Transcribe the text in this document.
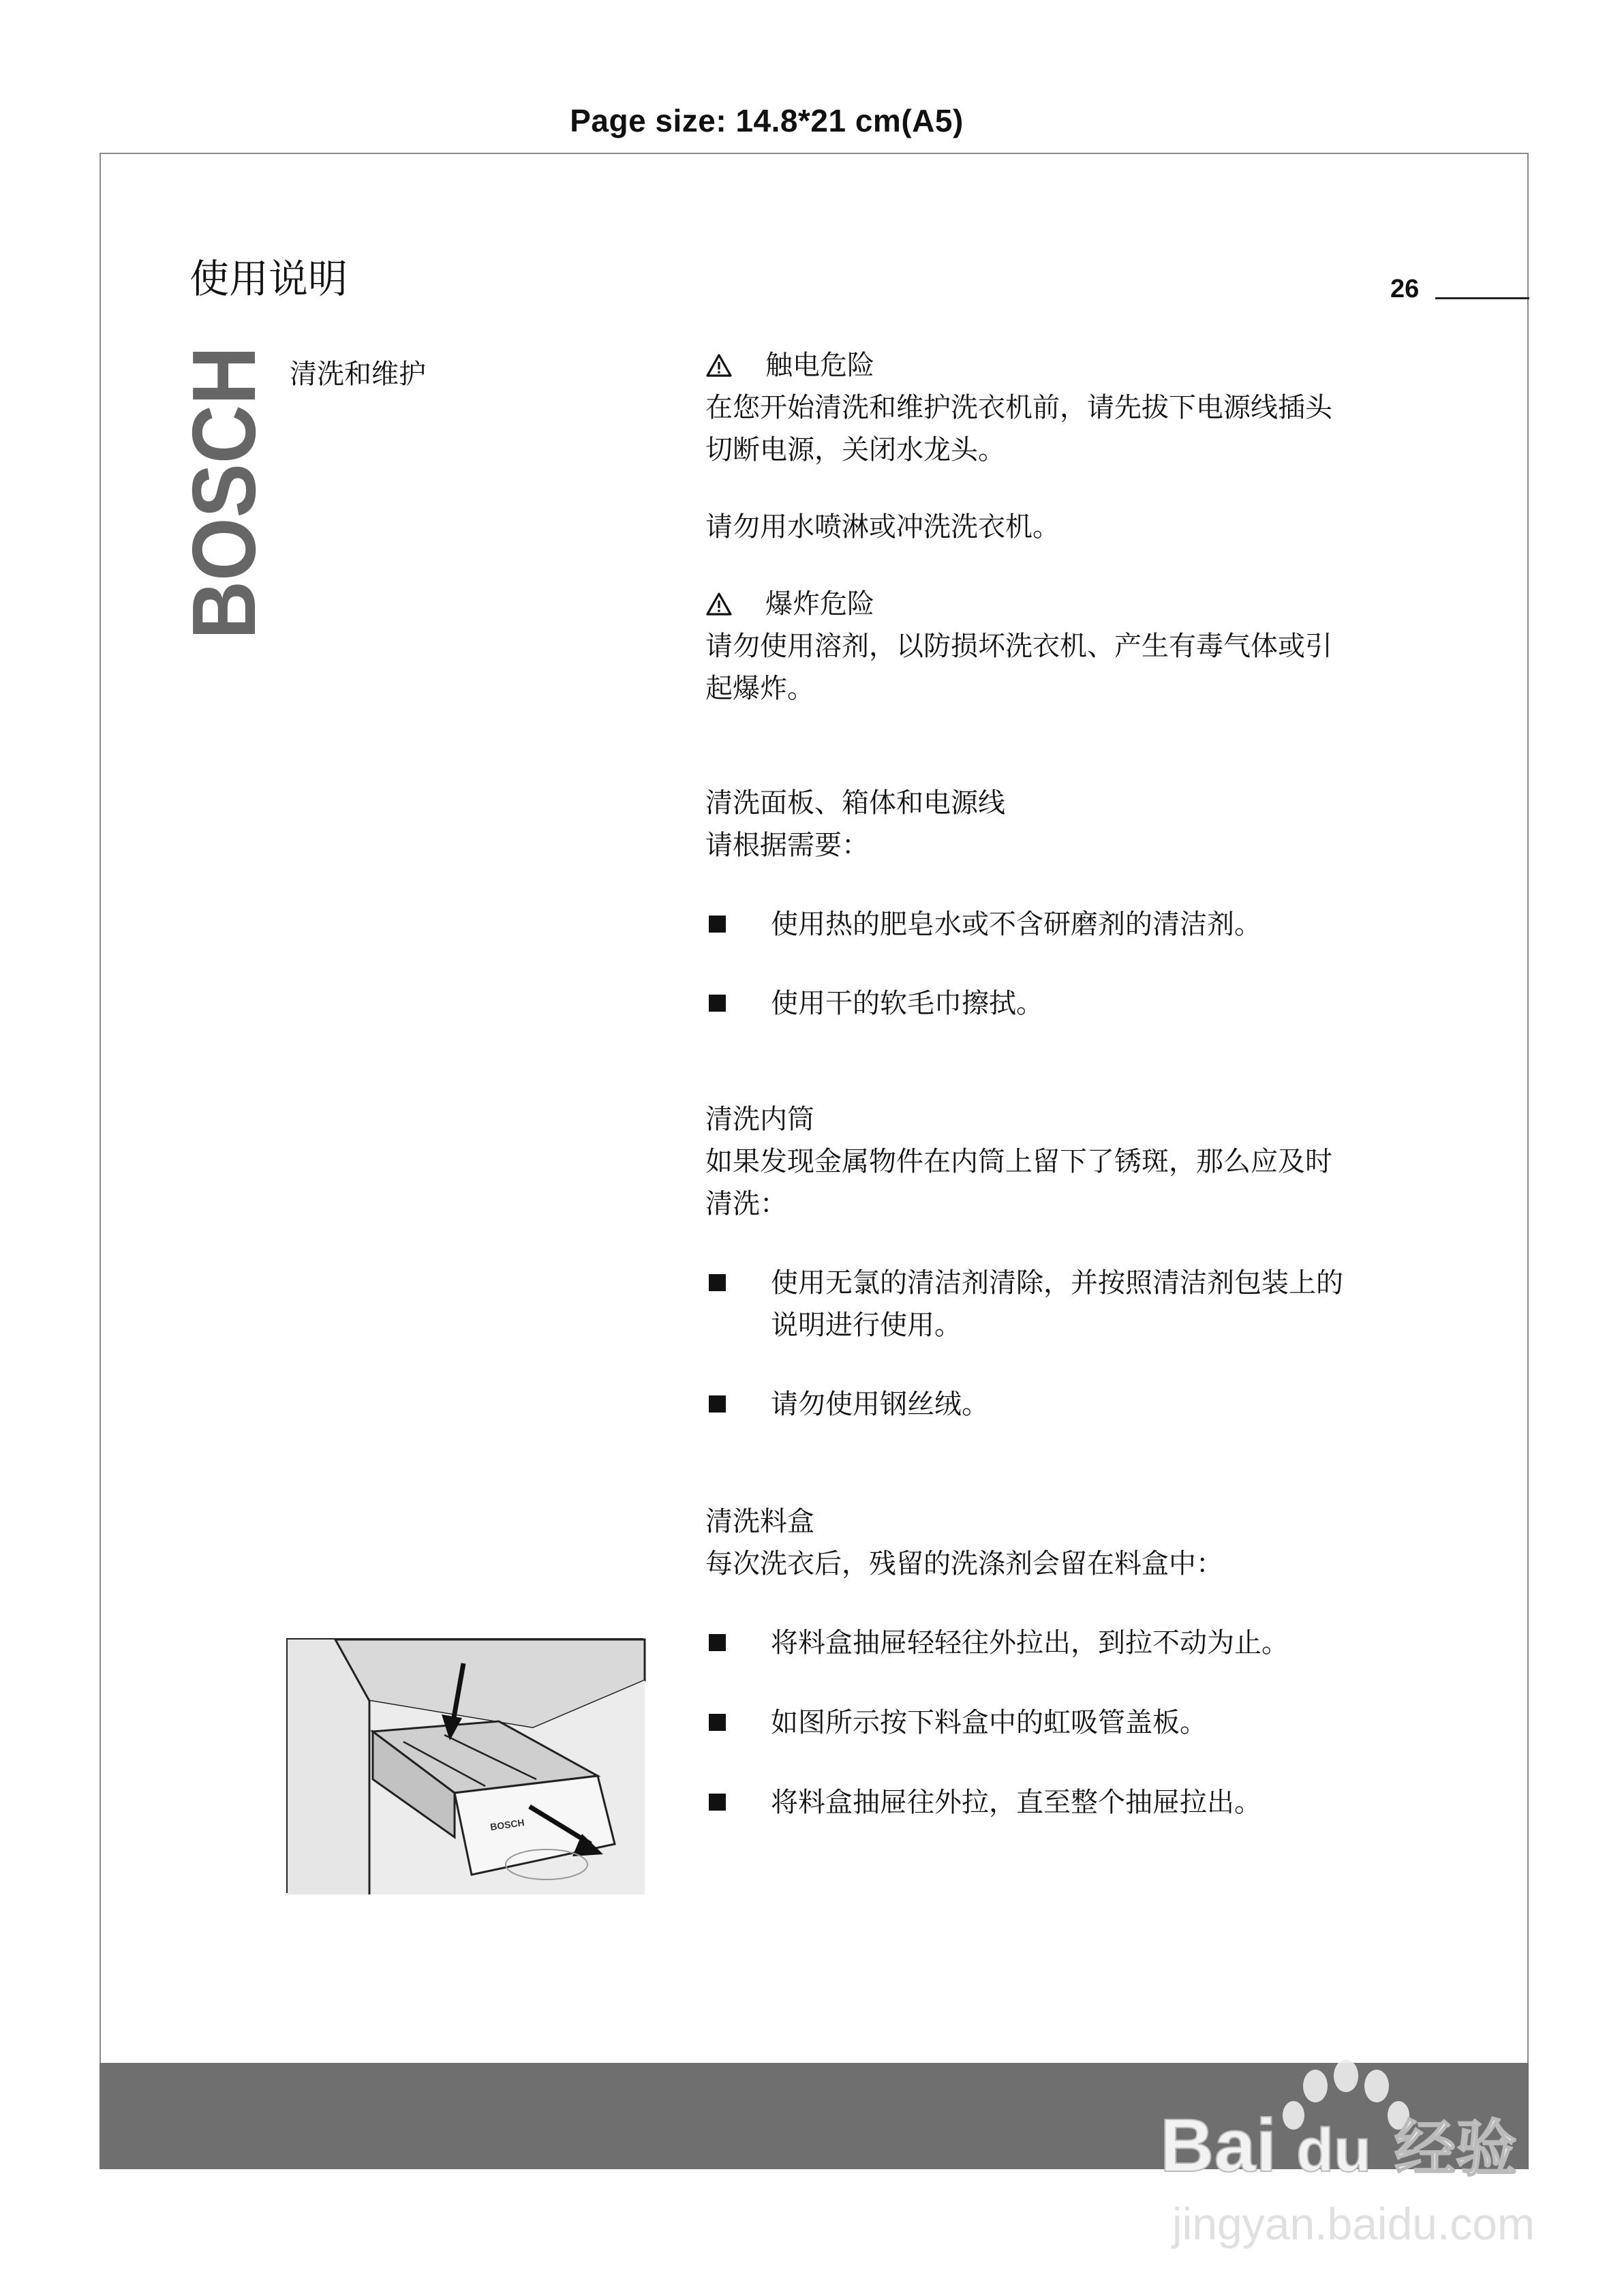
Page size: 14.8*21 cm(A5)
使用说明	26
BOSCH 清洗和维护	触电危险
在您开始清洗和维护洗衣机前，请先拔下电源线插头
切断电源，关闭水龙头。
请勿用水喷淋或冲洗洗衣机。
爆炸危险
请勿使用溶剂，以防损坏洗衣机、产生有毒气体或引
起爆炸。
清洗面板、箱体和电源线
请根据需要：
使用热的肥皂水或不含研磨剂的清洁剂。
使用干的软毛巾擦拭。
清洗内筒
如果发现金属物件在内筒上留下了锈斑，那么应及时
清洗：
使用无氯的清洁剂清除，并按照清洁剂包装上的
说明进行使用。
请勿使用钢丝绒。
清洗料盒
每次洗衣后，残留的洗涤剂会留在料盒中：
将料盒抽屉轻轻往外拉出，到拉不动为止。
如图所示按下料盒中的虹吸管盖板。
将料盒抽屉往外拉，直至整个抽屉拉出。
BOSCH
Bai du 经验
jingyan.baidu.com
